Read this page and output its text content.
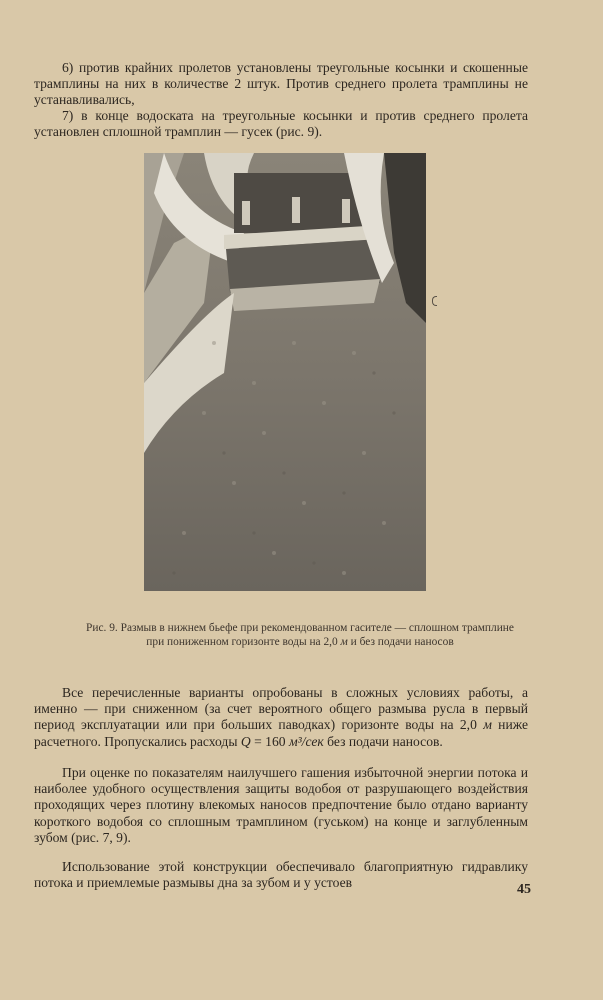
6) против крайних пролетов установлены треугольные косынки и скошенные трамплины на них в количестве 2 штук. Против среднего пролета трамплины не устанавливались,

7) в конце водоската на треугольные косынки и против среднего пролета установлен сплошной трамплин — гусек (рис. 9).

Рис. 9. Размыв в нижнем бьефе при рекомендованном гасителе — сплошном трамплине при пониженном горизонте воды на 2,0 м и без подачи наносов

Все перечисленные варианты опробованы в сложных условиях работы, а именно — при сниженном (за счет вероятного общего размыва русла в первый период эксплуатации или при больших паводках) горизонте воды на 2,0 м ниже расчетного. Пропускались расходы Q = 160 м³/сек без подачи наносов.

При оценке по показателям наилучшего гашения избыточной энергии потока и наиболее удобного осуществления защиты водобоя от разрушающего воздействия проходящих через плотину влекомых наносов предпочтение было отдано варианту короткого водобоя со сплошным трамплином (гуськом) на конце и заглубленным зубом (рис. 7, 9).

Использование этой конструкции обеспечивало благоприятную гидравлику потока и приемлемые размывы дна за зубом и у устоев	45
